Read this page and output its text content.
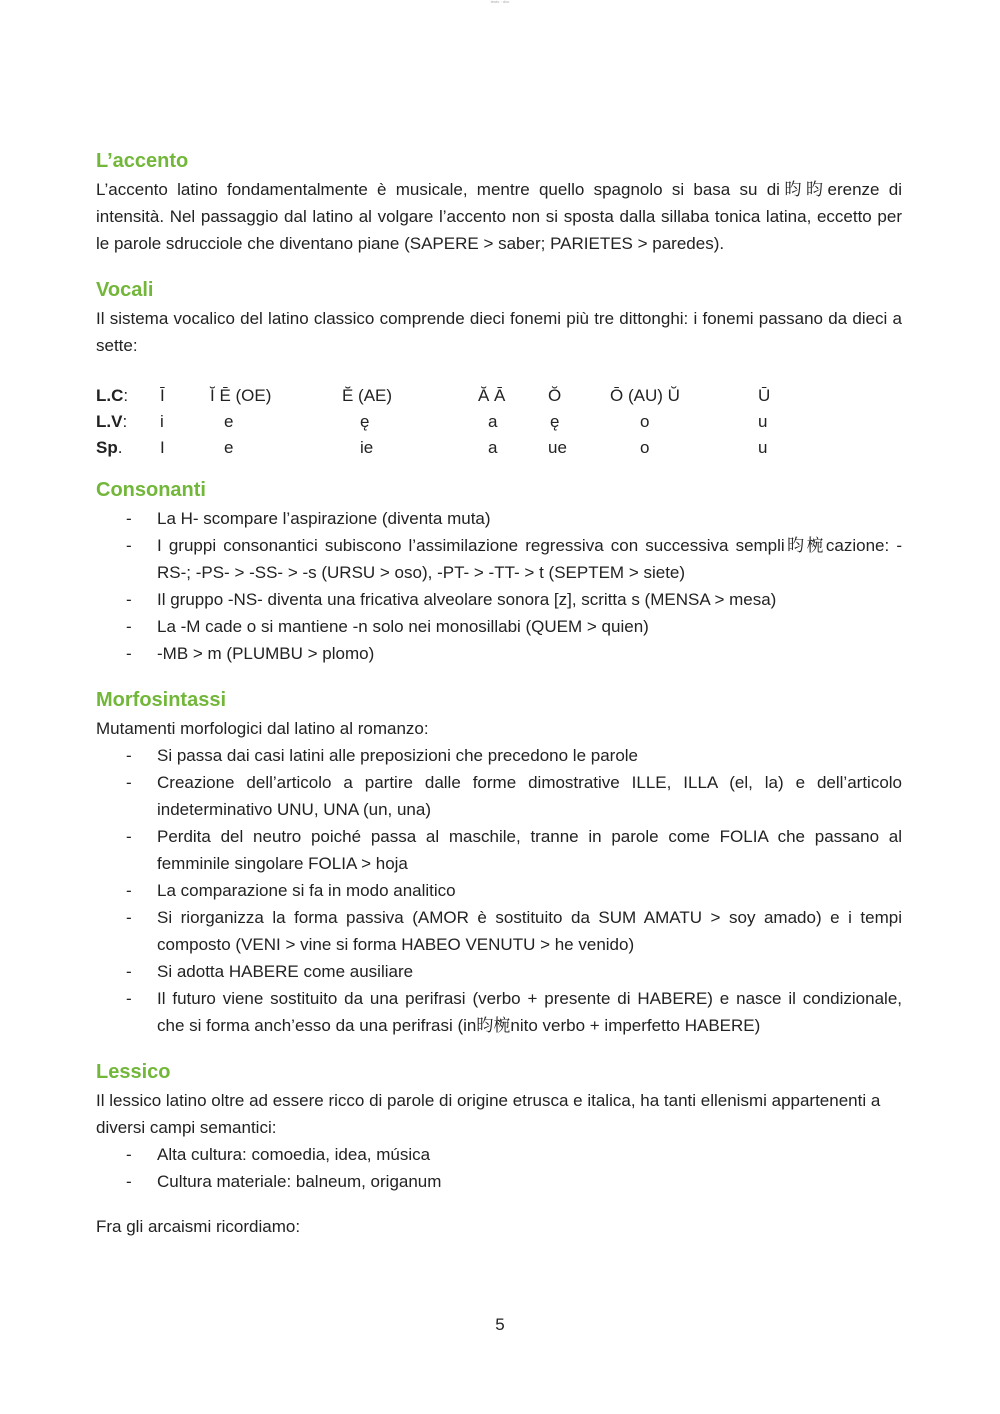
testo · doc
L’accento

L’accento latino fondamentalmente è musicale, mentre quello spagnolo si basa su di昀昀erenze di intensità. Nel passaggio dal latino al volgare l’accento non si sposta dalla sillaba tonica latina, eccetto per le parole sdrucciole che diventano piane (SAPERE > saber; PARIETES > paredes).

Vocali

Il sistema vocalico del latino classico comprende dieci fonemi più tre dittonghi: i fonemi passano da dieci a sette:

L.C:	Ī	Ĭ Ē (OE)	Ĕ (AE)	Ă Ā	Ŏ	Ō (AU) Ŭ	Ū
L.V:	i	e	ę	a	ę	o	u
Sp.	I	e	ie	a	ue	o	u
Consonanti
- La H- scompare l’aspirazione (diventa muta)
- I gruppi consonantici subiscono l’assimilazione regressiva con successiva sempli昀椀cazione: -RS-; -PS- > -SS- > -s (URSU > oso), -PT- > -TT- > t (SEPTEM > siete)
- Il gruppo -NS- diventa una fricativa alveolare sonora [z], scritta s (MENSA > mesa)
- La -M cade o si mantiene -n solo nei monosillabi (QUEM > quien)
- -MB > m (PLUMBU > plomo)
Morfosintassi

Mutamenti morfologici dal latino al romanzo:

- Si passa dai casi latini alle preposizioni che precedono le parole
- Creazione dell’articolo a partire dalle forme dimostrative ILLE, ILLA (el, la) e dell’articolo indeterminativo UNU, UNA (un, una)
- Perdita del neutro poiché passa al maschile, tranne in parole come FOLIA che passano al femminile singolare FOLIA > hoja
- La comparazione si fa in modo analitico
- Si riorganizza la forma passiva (AMOR è sostituito da SUM AMATU > soy amado) e i tempi composto (VENI > vine si forma HABEO VENUTU > he venido)
- Si adotta HABERE come ausiliare
- Il futuro viene sostituito da una perifrasi (verbo + presente di HABERE) e nasce il condizionale, che si forma anch’esso da una perifrasi (in昀椀nito verbo + imperfetto HABERE)
Lessico

Il lessico latino oltre ad essere ricco di parole di origine etrusca e italica, ha tanti ellenismi appartenenti a diversi campi semantici:

- Alta cultura: comoedia, idea, música
- Cultura materiale: balneum, origanum

Fra gli arcaismi ricordiamo:

5
